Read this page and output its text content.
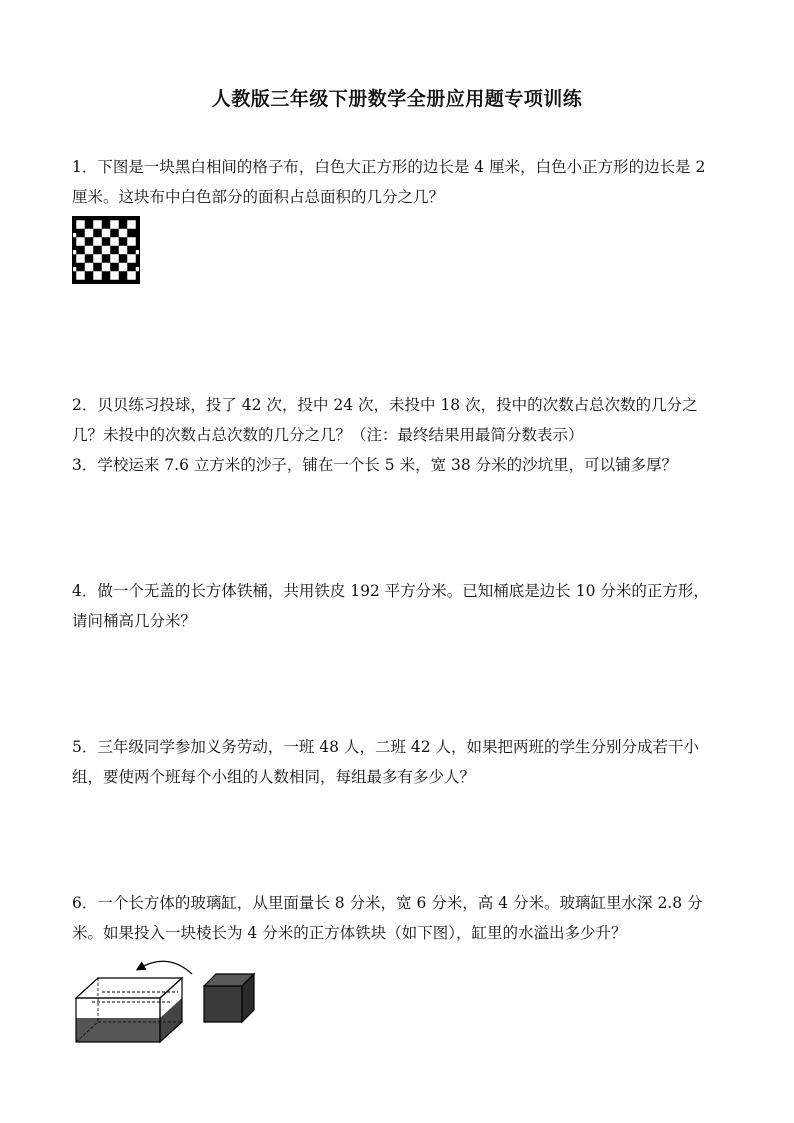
人教版三年级下册数学全册应用题专项训练

1．下图是一块黑白相间的格子布，白色大正方形的边长是 4 厘米，白色小正方形的边长是 2 厘米。这块布中白色部分的面积占总面积的几分之几？

2．贝贝练习投球，投了 42 次，投中 24 次，未投中 18 次，投中的次数占总次数的几分之几？未投中的次数占总次数的几分之几？（注：最终结果用最简分数表示）

3．学校运来 7.6 立方米的沙子，铺在一个长 5 米，宽 38 分米的沙坑里，可以铺多厚？

4．做一个无盖的长方体铁桶，共用铁皮 192 平方分米。已知桶底是边长 10 分米的正方形，请问桶高几分米？

5．三年级同学参加义务劳动，一班 48 人，二班 42 人，如果把两班的学生分别分成若干小组，要使两个班每个小组的人数相同，每组最多有多少人？

6．一个长方体的玻璃缸，从里面量长 8 分米，宽 6 分米，高 4 分米。玻璃缸里水深 2.8 分米。如果投入一块棱长为 4 分米的正方体铁块（如下图），缸里的水溢出多少升？
